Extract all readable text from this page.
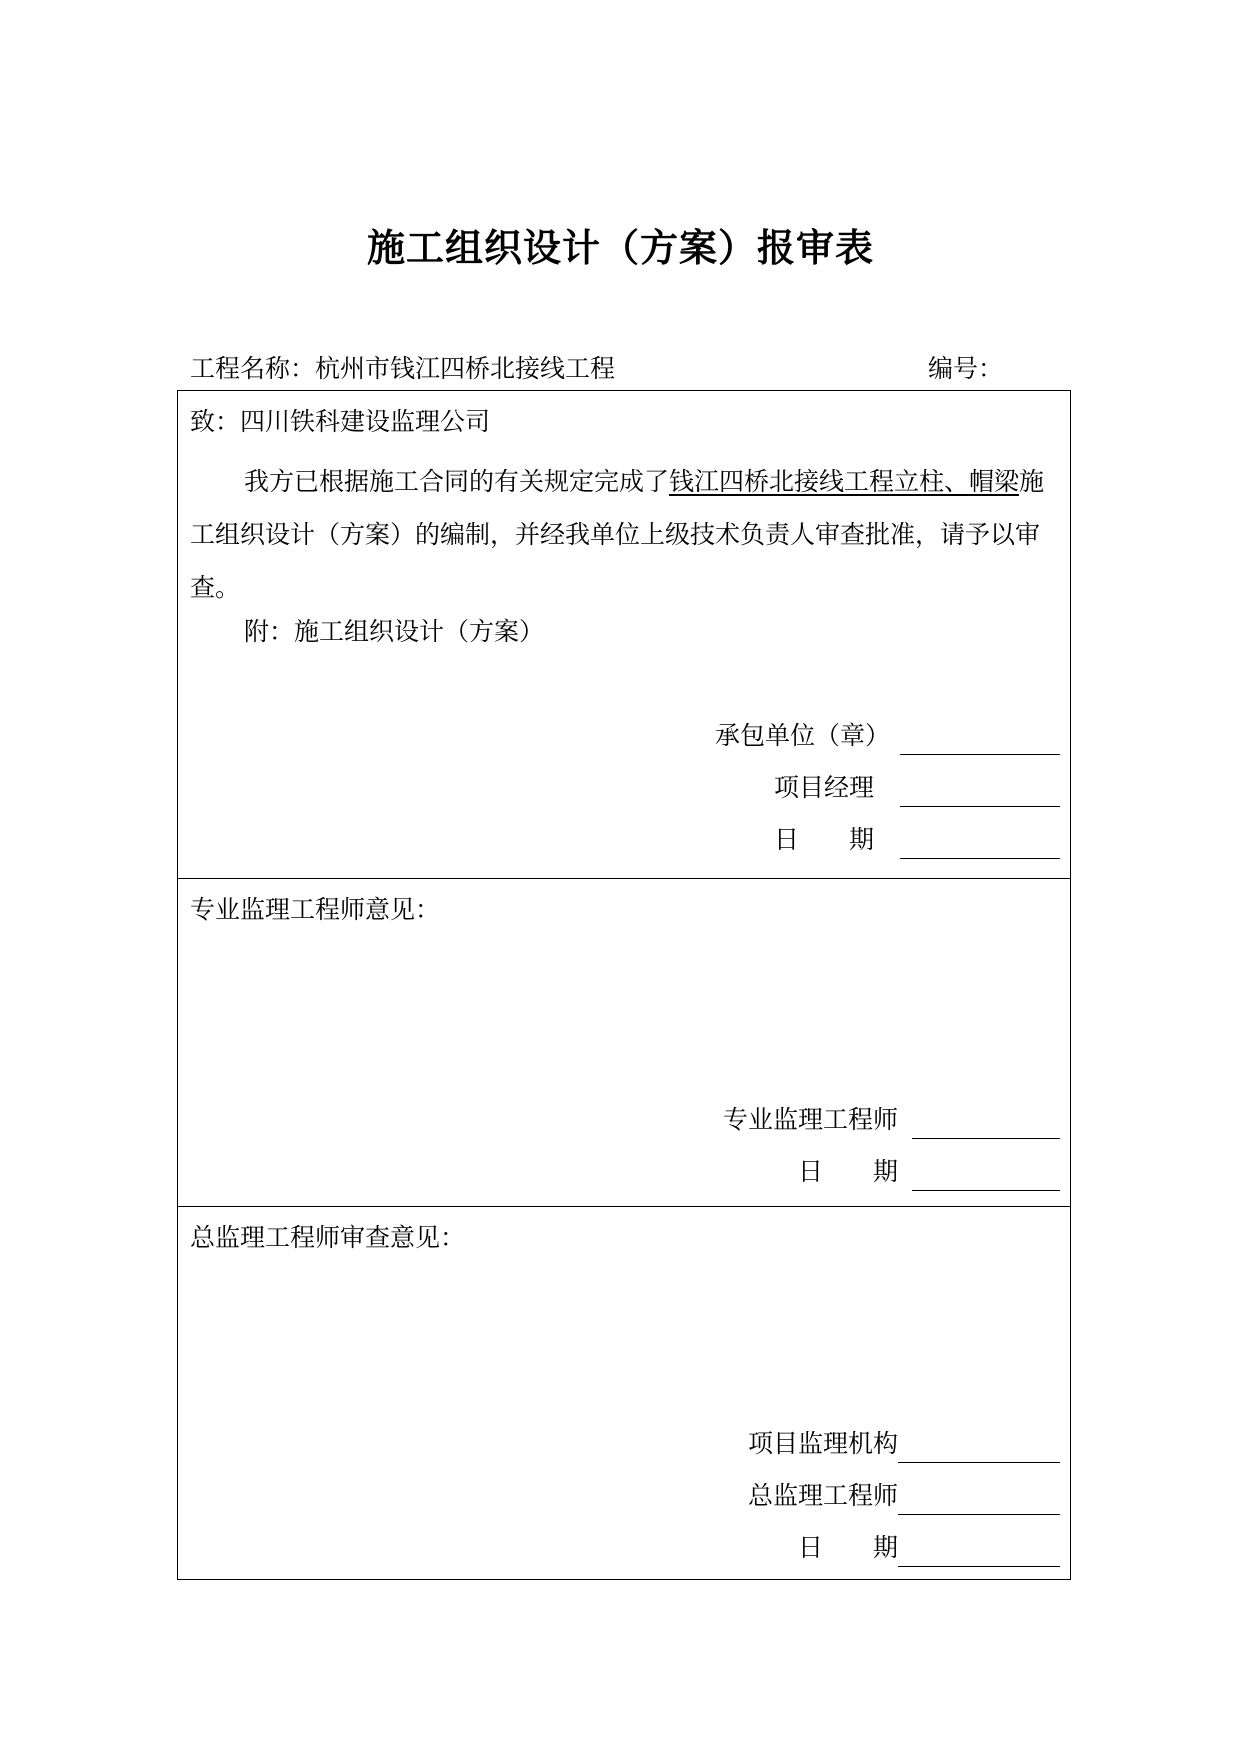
施工组织设计（方案）报审表
工程名称：杭州市钱江四桥北接线工程	编号：
致：四川铁科建设监理公司
我方已根据施工合同的有关规定完成了钱江四桥北接线工程立柱、帽梁施工组织设计（方案）的编制，并经我单位上级技术负责人审查批准，请予以审查。
附：施工组织设计（方案）
承包单位（章）
项目经理
日　　期
专业监理工程师意见：
专业监理工程师
日　　期
总监理工程师审查意见：
项目监理机构
总监理工程师
日　　期
